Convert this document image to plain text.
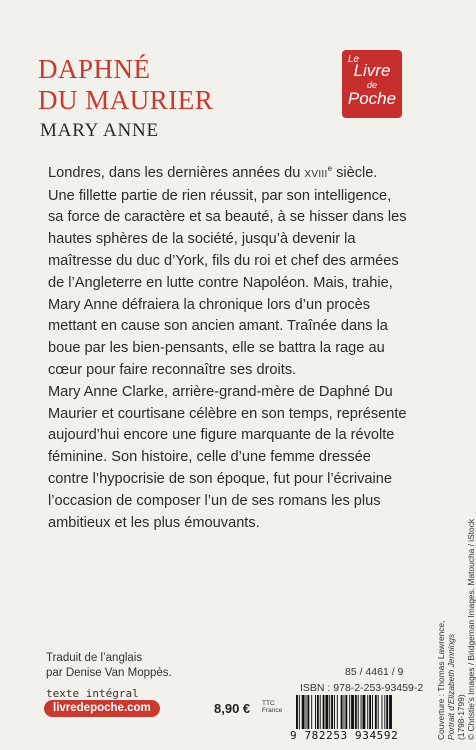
DAPHNÉ
DU MAURIER
MARY ANNE
Le
Livre
de
Poche

Londres, dans les dernières années du XVIIIe siècle. Une fillette partie de rien réussit, par son intelligence, sa force de caractère et sa beauté, à se hisser dans les hautes sphères de la société, jusqu’à devenir la maîtresse du duc d’York, fils du roi et chef des armées de l’Angleterre en lutte contre Napoléon. Mais, trahie, Mary Anne défraiera la chronique lors d’un procès mettant en cause son ancien amant. Traînée dans la boue par les bien-pensants, elle se battra la rage au cœur pour faire reconnaître ses droits.

Mary Anne Clarke, arrière-grand-mère de Daphné Du Maurier et courtisane célèbre en son temps, représente aujourd’hui encore une figure marquante de la révolte féminine. Son histoire, celle d’une femme dressée contre l’hypocrisie de son époque, fut pour l’écrivaine l’occasion de composer l’un de ses romans les plus ambitieux et les plus émouvants.

Traduit de l’anglais
par Denise Van Moppès.
texte intégral
livredepoche.com	8,90 € TTC
France
85 / 4461 / 9
ISBN : 978-2-253-93459-2
9 782253 934592	Couverture : Thomas Lawrence, Portrait d’Elizabeth Jennings (1798-1799) © Christie’s Images / Bridgeman Images. Matoucha / iStock
